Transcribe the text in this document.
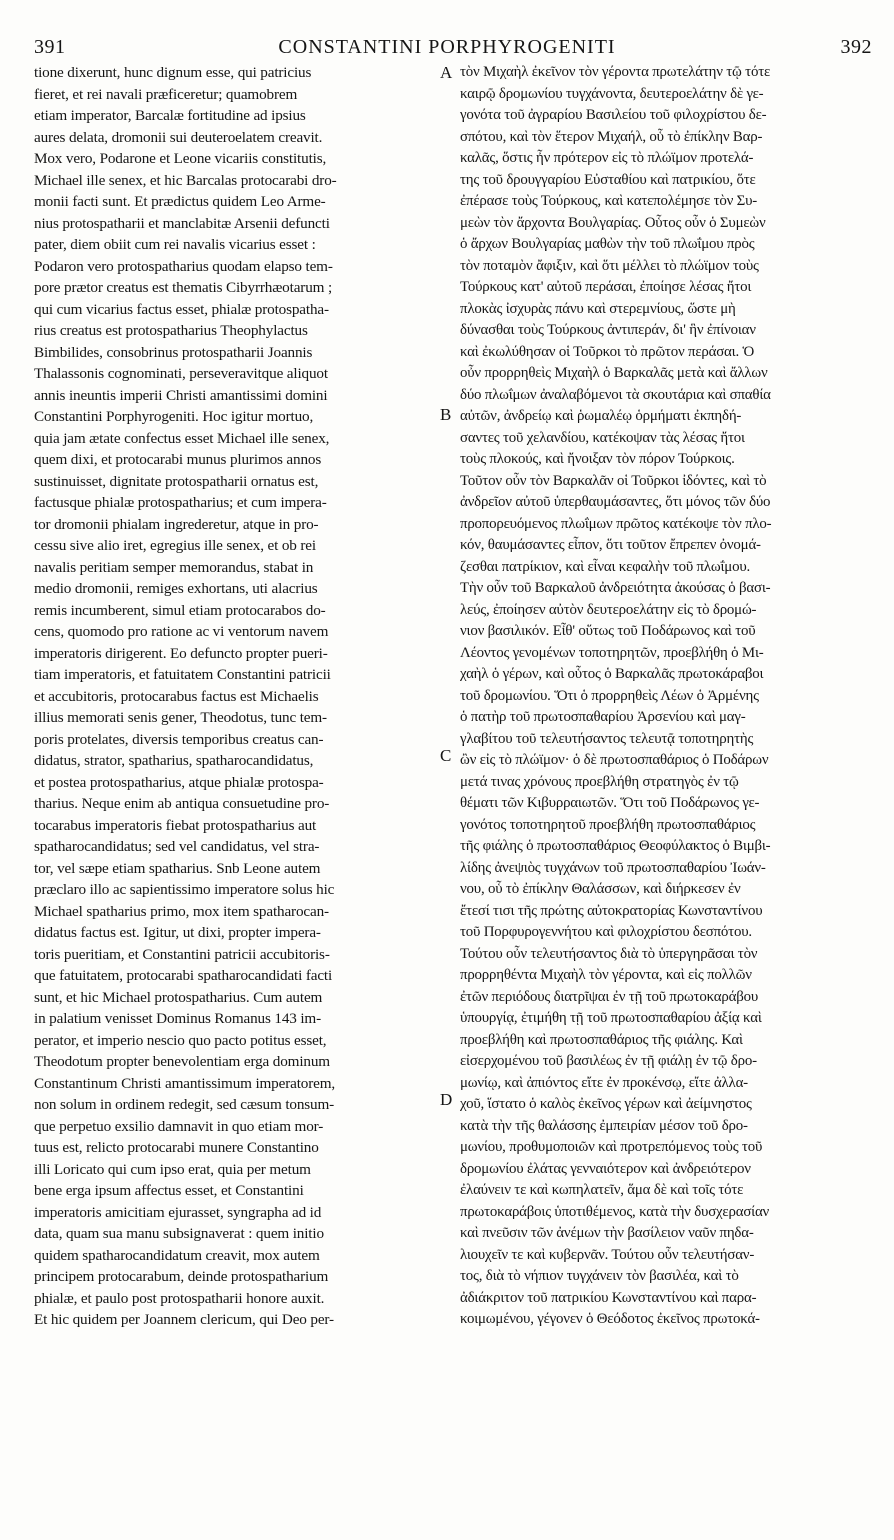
391	CONSTANTINI PORPHYROGENITI	392
tione dixerunt, hunc dignum esse, qui patricius
fieret, et rei navali præficeretur; quamobrem
etiam imperator, Barcalæ fortitudine ad ipsius
aures delata, dromonii sui deuteroelatem creavit.
Mox vero, Podarone et Leone vicariis constitutis,
Michael ille senex, et hic Barcalas protocarabi dro-
monii facti sunt. Et prædictus quidem Leo Arme-
nius protospatharii et manclabitæ Arsenii defuncti
pater, diem obiit cum rei navalis vicarius esset :
Podaron vero protospatharius quodam elapso tem-
pore prætor creatus est thematis Cibyrrhæotarum ;
qui cum vicarius factus esset, phialæ protospatha-
rius creatus est protospatharius Theophylactus
Bimbilides, consobrinus protospatharii Joannis
Thalassonis cognominati, perseveravitque aliquot
annis ineuntis imperii Christi amantissimi domini
Constantini Porphyrogeniti. Hoc igitur mortuo,
quia jam ætate confectus esset Michael ille senex,
quem dixi, et protocarabi munus plurimos annos
sustinuisset, dignitate protospatharii ornatus est,
factusque phialæ protospatharius; et cum impera-
tor dromonii phialam ingrederetur, atque in pro-
cessu sive alio iret, egregius ille senex, et ob rei
navalis peritiam semper memorandus, stabat in
medio dromonii, remiges exhortans, uti alacrius
remis incumberent, simul etiam protocarabos do-
cens, quomodo pro ratione ac vi ventorum navem
imperatoris dirigerent. Eo defuncto propter pueri-
tiam imperatoris, et fatuitatem Constantini patricii
et accubitoris, protocarabus factus est Michaelis
illius memorati senis gener, Theodotus, tunc tem-
poris protelates, diversis temporibus creatus can-
didatus, strator, spatharius, spatharocandidatus,
et postea protospatharius, atque phialæ protospa-
tharius. Neque enim ab antiqua consuetudine pro-
tocarabus imperatoris fiebat protospatharius aut
spatharocandidatus; sed vel candidatus, vel stra-
tor, vel sæpe etiam spatharius. Snb Leone autem
præclaro illo ac sapientissimo imperatore solus hic
Michael spatharius primo, mox item spatharocan-
didatus factus est. Igitur, ut dixi, propter impera-
toris pueritiam, et Constantini patricii accubitoris-
que fatuitatem, protocarabi spatharocandidati facti
sunt, et hic Michael protospatharius. Cum autem
in palatium venisset Dominus Romanus 143 im-
perator, et imperio nescio quo pacto potitus esset,
Theodotum propter benevolentiam erga dominum
Constantinum Christi amantissimum imperatorem,
non solum in ordinem redegit, sed cæsum tonsum-
que perpetuo exsilio damnavit in quo etiam mor-
tuus est, relicto protocarabi munere Constantino
illi Loricato qui cum ipso erat, quia per metum
bene erga ipsum affectus esset, et Constantini
imperatoris amicitiam ejurasset, syngrapha ad id
data, quam sua manu subsignaverat : quem initio
quidem spatharocandidatum creavit, mox autem
principem protocarabum, deinde protospatharium
phialæ, et paulo post protospatharii honore auxit.
Et hic quidem per Joannem clericum, qui Deo per-
τὸν Μιχαὴλ ἐκεῖνον τὸν γέροντα πρωτελάτην τῷ τότε
καιρῷ δρομωνίου τυγχάνοντα, δευτεροελάτην δὲ γε-
γονότα τοῦ ἀγραρίου Βασιλείου τοῦ φιλοχρίστου δε-
σπότου, καὶ τὸν ἕτερον Μιχαήλ, οὗ τὸ ἐπίκλην Βαρ-
καλᾶς, ὅστις ἦν πρότερον εἰς τὸ πλώϊμον προτελά-
της τοῦ δρουγγαρίου Εὐσταθίου καὶ πατρικίου, ὅτε
ἐπέρασε τοὺς Τούρκους, καὶ κατεπολέμησε τὸν Συ-
μεὼν τὸν ἄρχοντα Βουλγαρίας. Οὗτος οὖν ὁ Συμεὼν
ὁ ἄρχων Βουλγαρίας μαθὼν τὴν τοῦ πλωΐμου πρὸς
τὸν ποταμὸν ἄφιξιν, καὶ ὅτι μέλλει τὸ πλώϊμον τοὺς
Τούρκους κατ' αὐτοῦ περάσαι, ἐποίησε λέσας ἤτοι
πλοκὰς ἰσχυρὰς πάνυ καὶ στερεμνίους, ὥστε μὴ
δύνασθαι τοὺς Τούρκους ἀντιπεράν, δι' ἣν ἐπίνοιαν
καὶ ἐκωλύθησαν οἱ Τοῦρκοι τὸ πρῶτον περάσαι. Ὁ
οὖν προρρηθεὶς Μιχαὴλ ὁ Βαρκαλᾶς μετὰ καὶ ἄλλων
δύο πλωΐμων ἀναλαβόμενοι τὰ σκουτάρια καὶ σπαθία
αὐτῶν, ἀνδρείῳ καὶ ῥωμαλέῳ ὁρμήματι ἐκπηδή-
σαντες τοῦ χελανδίου, κατέκοψαν τὰς λέσας ἤτοι
τοὺς πλοκούς, καὶ ἤνοιξαν τὸν πόρον Τούρκοις.
Τοῦτον οὖν τὸν Βαρκαλᾶν οἱ Τοῦρκοι ἰδόντες, καὶ τὸ
ἀνδρεῖον αὐτοῦ ὑπερθαυμάσαντες, ὅτι μόνος τῶν δύο
προπορευόμενος πλωΐμων πρῶτος κατέκοψε τὸν πλο-
κόν, θαυμάσαντες εἶπον, ὅτι τοῦτον ἔπρεπεν ὀνομά-
ζεσθαι πατρίκιον, καὶ εἶναι κεφαλὴν τοῦ πλωΐμου.
Τὴν οὖν τοῦ Βαρκαλοῦ ἀνδρειότητα ἀκούσας ὁ βασι-
λεύς, ἐποίησεν αὐτὸν δευτεροελάτην εἰς τὸ δρομώ-
νιον βασιλικόν. Εἶθ' οὕτως τοῦ Ποδάρωνος καὶ τοῦ
Λέοντος γενομένων τοποτηρητῶν, προεβλήθη ὁ Μι-
χαὴλ ὁ γέρων, καὶ οὗτος ὁ Βαρκαλᾶς πρωτοκάραβοι
τοῦ δρομωνίου. Ὅτι ὁ προρρηθεὶς Λέων ὁ Ἀρμένης
ὁ πατὴρ τοῦ πρωτοσπαθαρίου Ἀρσενίου καὶ μαγ-
γλαβίτου τοῦ τελευτήσαντος τελευτᾷ τοποτηρητὴς
ὢν εἰς τὸ πλώϊμον· ὁ δὲ πρωτοσπαθάριος ὁ Ποδάρων
μετά τινας χρόνους προεβλήθη στρατηγὸς ἐν τῷ
θέματι τῶν Κιβυρραιωτῶν. Ὅτι τοῦ Ποδάρωνος γε-
γονότος τοποτηρητοῦ προεβλήθη πρωτοσπαθάριος
τῆς φιάλης ὁ πρωτοσπαθάριος Θεοφύλακτος ὁ Βιμβι-
λίδης ἀνεψιὸς τυγχάνων τοῦ πρωτοσπαθαρίου Ἰωάν-
νου, οὗ τὸ ἐπίκλην Θαλάσσων, καὶ διήρκεσεν ἐν
ἔτεσί τισι τῆς πρώτης αὐτοκρατορίας Κωνσταντίνου
τοῦ Πορφυρογεννήτου καὶ φιλοχρίστου δεσπότου.
Τούτου οὖν τελευτήσαντος διὰ τὸ ὑπεργηρᾶσαι τὸν
προρρηθέντα Μιχαὴλ τὸν γέροντα, καὶ εἰς πολλῶν
ἐτῶν περιόδους διατρῖψαι ἐν τῇ τοῦ πρωτοκαράβου
ὑπουργίᾳ, ἐτιμήθη τῇ τοῦ πρωτοσπαθαρίου ἀξίᾳ καὶ
προεβλήθη καὶ πρωτοσπαθάριος τῆς φιάλης. Καὶ
εἰσερχομένου τοῦ βασιλέως ἐν τῇ φιάλῃ ἐν τῷ δρο-
μωνίῳ, καὶ ἀπιόντος εἴτε ἐν προκένσῳ, εἴτε ἀλλα-
χοῦ, ἵστατο ὁ καλὸς ἐκεῖνος γέρων καὶ ἀείμνηστος
κατὰ τὴν τῆς θαλάσσης ἐμπειρίαν μέσον τοῦ δρο-
μωνίου, προθυμοποιῶν καὶ προτρεπόμενος τοὺς τοῦ
δρομωνίου ἐλάτας γενναιότερον καὶ ἀνδρειότερον
ἐλαύνειν τε καὶ κωπηλατεῖν, ἅμα δὲ καὶ τοῖς τότε
πρωτοκαράβοις ὑποτιθέμενος, κατὰ τὴν δυσχερασίαν
καὶ πνεῦσιν τῶν ἀνέμων τὴν βασίλειον ναῦν πηδα-
λιουχεῖν τε καὶ κυβερνᾶν. Τούτου οὖν τελευτήσαν-
τος, διὰ τὸ νήπιον τυγχάνειν τὸν βασιλέα, καὶ τὸ
ἀδιάκριτον τοῦ πατρικίου Κωνσταντίνου καὶ παρα-
κοιμωμένου, γέγονεν ὁ Θεόδοτος ἐκεῖνος πρωτοκά-
A
B
C
D
